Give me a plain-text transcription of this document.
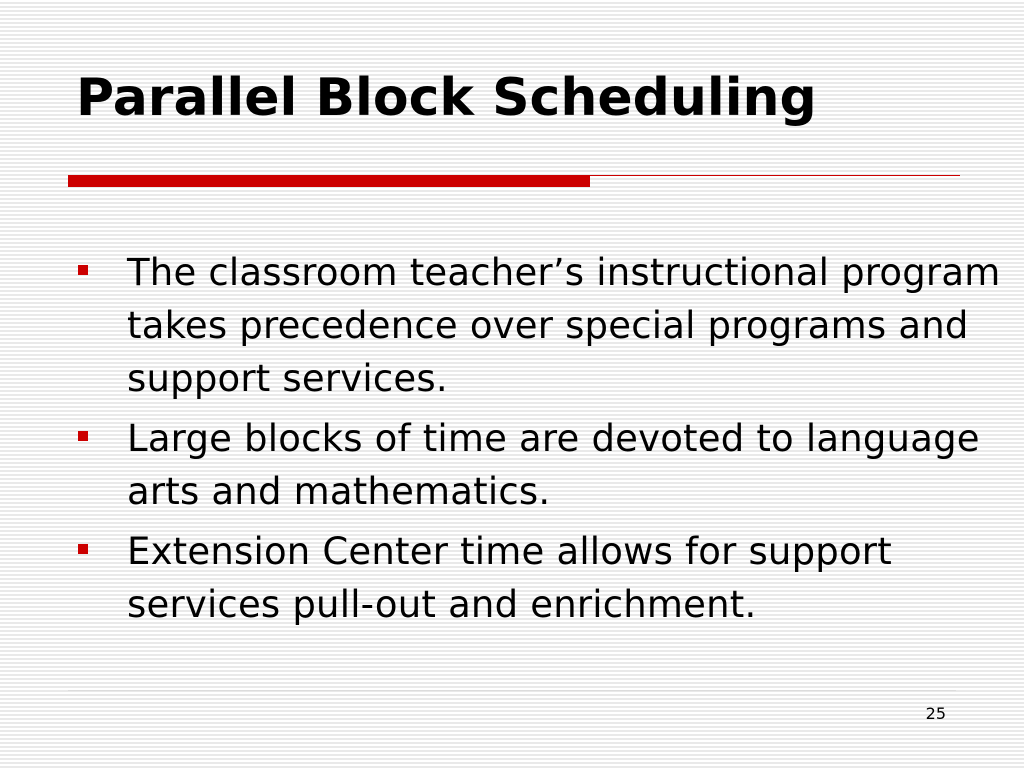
Parallel Block Scheduling
The classroom teacher’s instructional program takes precedence over special programs and support services.
Large blocks of time are devoted to language arts and mathematics.
Extension Center time allows for support services pull-out and enrichment.
25
